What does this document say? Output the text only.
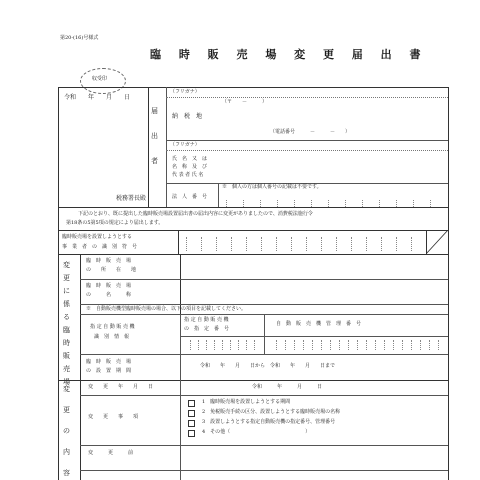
第20-(16)号様式
臨 時 販 売 場 変 更 届 出 書
収受印
令和　　年　　月　　日
税務署長殿
届
出
者
（フリガナ）
（〒　　－　　　）
納　税　地
（電話番号　　　－　　　－　　）
（フリガナ）
氏　名　又　は
名　称　及　び
代 表 者 氏 名
※　個人の方は個人番号の記載は不要です。
法　人　番　号
下記のとおり、既に提出した臨時販売場設置届出書の届出内容に変更がありましたので、消費税法施行令
第18条の5第5項の規定により届出します。
臨時販売場を設置しようとする
事　業　者　の　識　別　符　号
変
更
に
係
る
臨
時
販
売
場
臨　時　販　売　場
の　　所　　在　　地
臨　時　販　売　場
の　　　名　　　称
※　自動販売機型臨時販売場の場合、以下の項目を記載してください。
指 定 自 動 販 売 機
識　別　情　報
指 定 自 動 販 売 機
の　指　定　番　号
自　動　販　売　機　管　理　番　号
臨　時　販　売　場
の　設　置　期　間
令和　　年　　月　　日から　令和　　年　　月　　日まで
変
更
の
内
容
変　　更　　年　　月　　日	令和　　　年　　　月　　　日
変　　更　　事　　項
1　臨時販売場を設置しようとする期間
2　免税販売手続の区分、設置しようとする臨時販売場の名称
3　設置しようとする指定自動販売機の指定番号、管理番号
4　その他（　　　　　　　　　　　　　　　）
変　　　更　　　前
